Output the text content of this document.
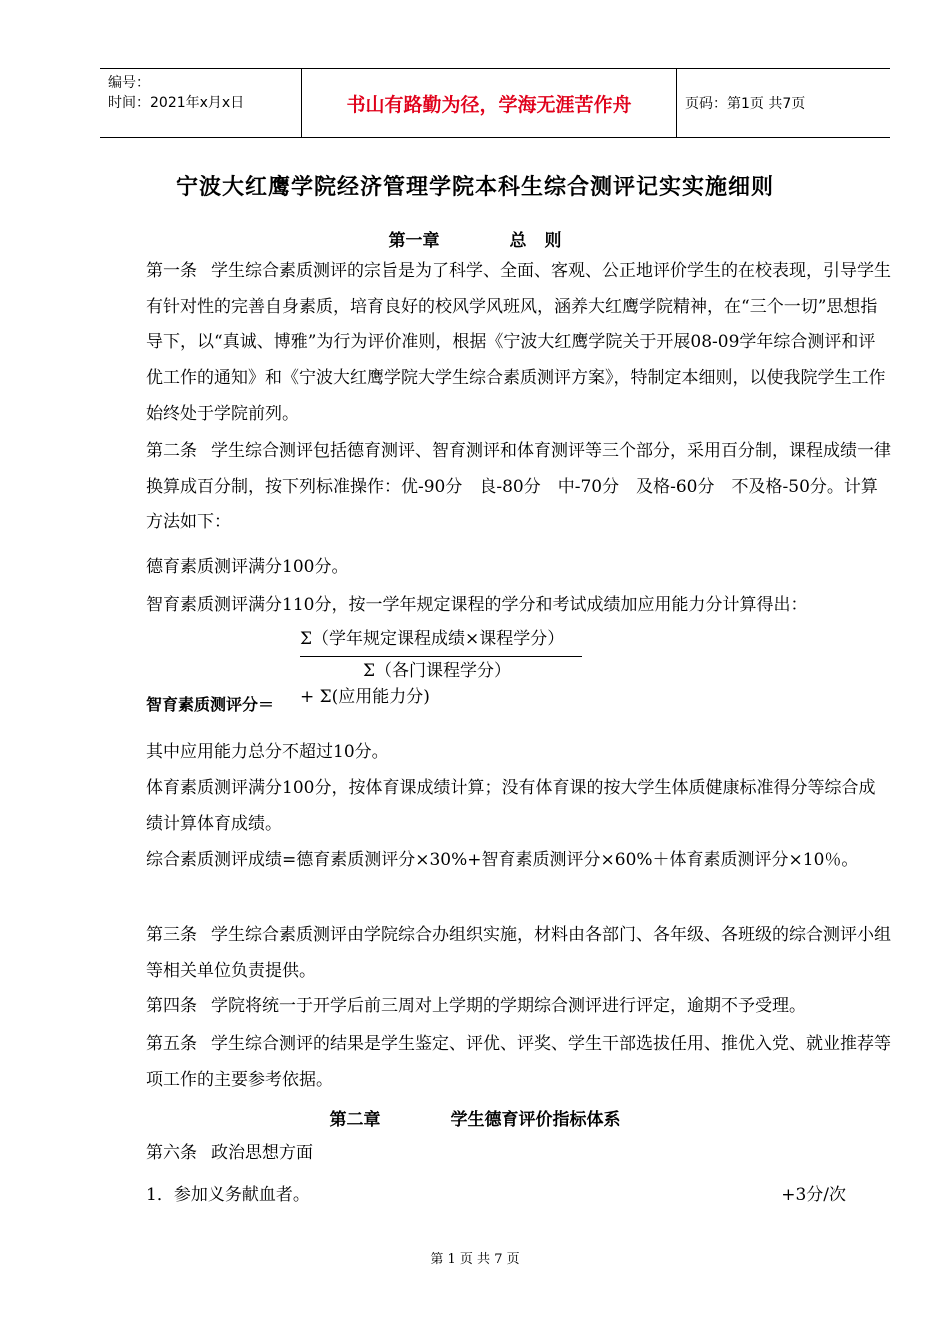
编号：
时间：2021年x月x日	书山有路勤为径，学海无涯苦作舟	页码：第1页 共7页
宁波大红鹰学院经济管理学院本科生综合测评记实实施细则
第一章	总 则
第一条 学生综合素质测评的宗旨是为了科学、全面、客观、公正地评价学生的在校表现，引导学生有针对性的完善自身素质，培育良好的校风学风班风，涵养大红鹰学院精神，在“三个一切”思想指导下，以“真诚、博雅”为行为评价准则，根据《宁波大红鹰学院关于开展08-09学年综合测评和评优工作的通知》和《宁波大红鹰学院大学生综合素质测评方案》，特制定本细则，以使我院学生工作始终处于学院前列。
第二条 学生综合测评包括德育测评、智育测评和体育测评等三个部分，采用百分制，课程成绩一律换算成百分制，按下列标准操作：优-90分　良-80分　中-70分　及格-60分　不及格-50分。计算方法如下：
德育素质测评满分100分。
智育素质测评满分110分，按一学年规定课程的学分和考试成绩加应用能力分计算得出：
Σ（学年规定课程成绩×课程学分）
Σ（各门课程学分）
智育素质测评分＝ + Σ(应用能力分)
其中应用能力总分不超过10分。
体育素质测评满分100分，按体育课成绩计算；没有体育课的按大学生体质健康标准得分等综合成绩计算体育成绩。
综合素质测评成绩=德育素质测评分×30%+智育素质测评分×60%＋体育素质测评分×10％。
第三条 学生综合素质测评由学院综合办组织实施，材料由各部门、各年级、各班级的综合测评小组等相关单位负责提供。
第四条 学院将统一于开学后前三周对上学期的学期综合测评进行评定，逾期不予受理。
第五条 学生综合测评的结果是学生鉴定、评优、评奖、学生干部选拔任用、推优入党、就业推荐等项工作的主要参考依据。
第二章	学生德育评价指标体系
第六条 政治思想方面
1．参加义务献血者。	+3分/次
第 1 页 共 7 页
